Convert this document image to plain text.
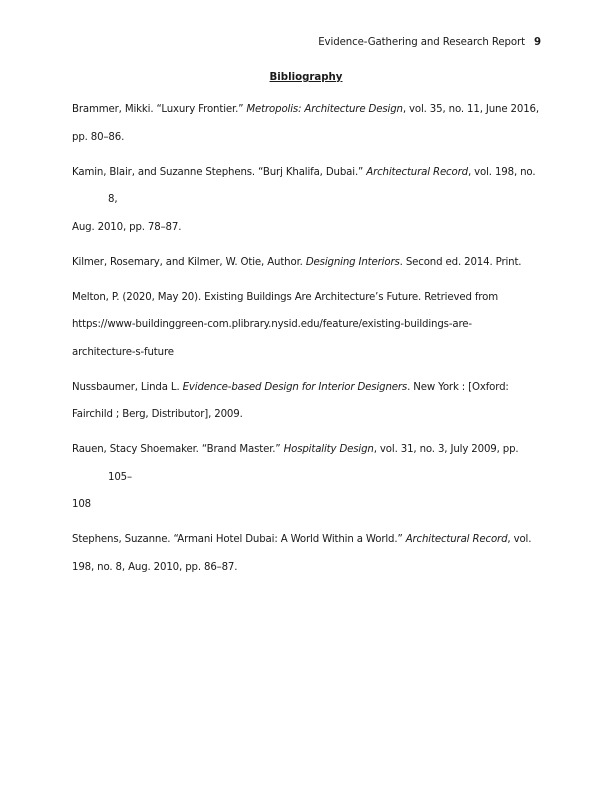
Evidence-Gathering and Research Report 9
Bibliography

Brammer, Mikki. “Luxury Frontier.” Metropolis: Architecture Design, vol. 35, no. 11, June 2016,
pp. 80–86.

Kamin, Blair, and Suzanne Stephens. “Burj Khalifa, Dubai.” Architectural Record, vol. 198, no. 8,
Aug. 2010, pp. 78–87.

Kilmer, Rosemary, and Kilmer, W. Otie, Author. Designing Interiors. Second ed. 2014. Print.

Melton, P. (2020, May 20). Existing Buildings Are Architecture’s Future. Retrieved from
https://www-buildinggreen-com.plibrary.nysid.edu/feature/existing-buildings-are-
architecture-s-future

Nussbaumer, Linda L. Evidence-based Design for Interior Designers. New York : [Oxford:
Fairchild ; Berg, Distributor], 2009.

Rauen, Stacy Shoemaker. “Brand Master.” Hospitality Design, vol. 31, no. 3, July 2009, pp. 105–
108

Stephens, Suzanne. “Armani Hotel Dubai: A World Within a World.” Architectural Record, vol.
198, no. 8, Aug. 2010, pp. 86–87.
